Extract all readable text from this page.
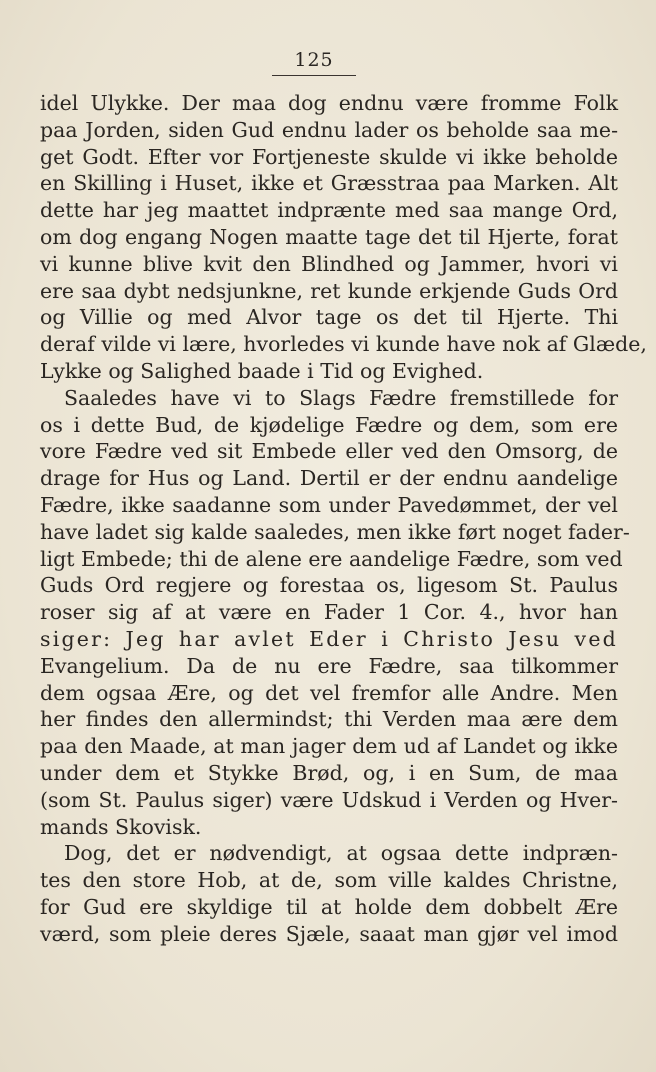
125
idel Ulykke. Der maa dog endnu være fromme Folk
paa Jorden, siden Gud endnu lader os beholde saa me-
get Godt. Efter vor Fortjeneste skulde vi ikke beholde
en Skilling i Huset, ikke et Græsstraa paa Marken. Alt
dette har jeg maattet indprænte med saa mange Ord,
om dog engang Nogen maatte tage det til Hjerte, forat
vi kunne blive kvit den Blindhed og Jammer, hvori vi
ere saa dybt nedsjunkne, ret kunde erkjende Guds Ord
og Villie og med Alvor tage os det til Hjerte. Thi
deraf vilde vi lære, hvorledes vi kunde have nok af Glæde,
Lykke og Salighed baade i Tid og Evighed.
Saaledes have vi to Slags Fædre fremstillede for
os i dette Bud, de kjødelige Fædre og dem, som ere
vore Fædre ved sit Embede eller ved den Omsorg, de
drage for Hus og Land. Dertil er der endnu aandelige
Fædre, ikke saadanne som under Pavedømmet, der vel
have ladet sig kalde saaledes, men ikke ført noget fader-
ligt Embede; thi de alene ere aandelige Fædre, som ved
Guds Ord regjere og forestaa os, ligesom St. Paulus
roser sig af at være en Fader 1 Cor. 4., hvor han
siger: Jeg har avlet Eder i Christo Jesu ved
Evangelium. Da de nu ere Fædre, saa tilkommer
dem ogsaa Ære, og det vel fremfor alle Andre. Men
her findes den allermindst; thi Verden maa ære dem
paa den Maade, at man jager dem ud af Landet og ikke
under dem et Stykke Brød, og, i en Sum, de maa
(som St. Paulus siger) være Udskud i Verden og Hver-
mands Skovisk.
Dog, det er nødvendigt, at ogsaa dette indpræn-
tes den store Hob, at de, som ville kaldes Christne,
for Gud ere skyldige til at holde dem dobbelt Ære
værd, som pleie deres Sjæle, saaat man gjør vel imod
